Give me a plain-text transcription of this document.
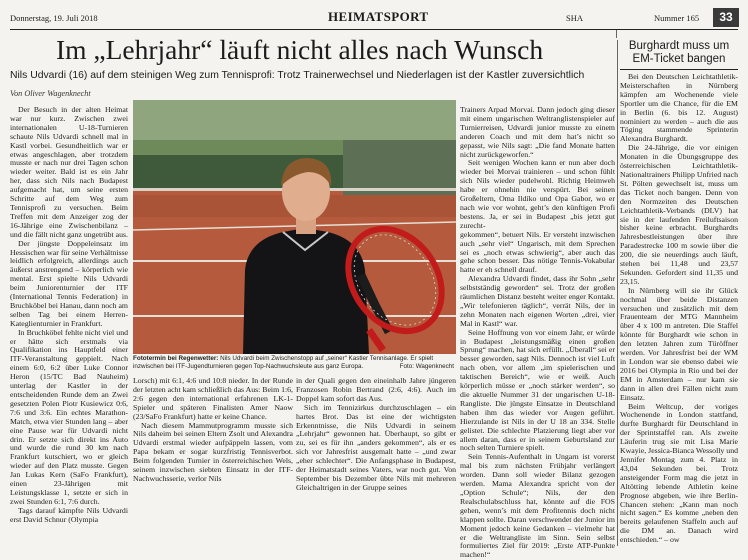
Donnerstag, 19. Juli 2018	HEIMATSPORT	SHA	Nummer 165	33
Im „Lehrjahr“ läuft nicht alles nach Wunsch
Nils Udvardi (16) auf dem steinigen Weg zum Tennisprofi: Trotz Trainerwechsel und Niederlagen ist der Kastler zuversichtlich
Von Oliver Wagenknecht

Der Besuch in der alten Heimat war nur kurz. Zwischen zwei internationalen U-18-Turnieren schaute Nils Udvardi schnell mal in Kastl vorbei. Gesundheitlich war er etwas angeschlagen, aber trotzdem musste er nach nur drei Tagen schon wieder weiter. Bald ist es ein Jahr her, dass sich Nils nach Budapest aufgemacht hat, um seine ersten Schritte auf dem Weg zum Tennisprofi zu versuchen. Beim Treffen mit dem Anzeiger zog der 16-Jährige eine Zwischenbilanz – und die fällt nicht ganz ungetrübt aus.

Der jüngste Doppeleinsatz im Hessischen war für seine Verhältnisse leidlich erfolgreich, allerdings auch äußerst anstrengend – körperlich wie mental. Erst spielte Nils Udvardi beim Juniorenturnier der ITF (International Tennis Federation) in Bruchköbel bei Hanau, dann noch am selben Tag bei einem Herren-Kateglienturnier in Frankfurt.

In Bruchköbel fehlte nicht viel und er hätte sich erstmals via Qualifikation ins Hauptfeld einer ITF-Veranstaltung geppielt. Nach einem 6:0, 6:2 über Luke Connor Heron (15/TC Bad Nauheim) unterlag der Kastler in der entscheidenden Runde dem an Zwei gesetzten Polen Piotr Kusiewicz 0:6, 7:6 und 3:6. Ein echtes Marathon-Match, etwa vier Stunden lang – aber eine Pause war für Udvardi nicht drin. Er setzte sich direkt ins Auto und wurde die rund 30 km nach Frankfurt kutschiert, wo er gleich wieder auf den Platz musste. Gegen Jan Lukas Kern (SaFo Frankfurt), einen 23-Jährigen mit Leistungsklasse 1, setzte er sich in zwei Stunden 6:1, 7:6 durch.

Tags darauf kämpfte Nils Udvardi erst David Schnur (Olympia

Fototermin bei Regenwetter: Nils Udvardi beim Zwischenstopp auf „seiner“ Kastler Tennisanlage. Er spielt inzwischen bei ITF-Jugendturnieren gegen Top-Nachwuchsleute aus ganz Europa.	Foto: Wagenknecht

Lorsch) mit 6:1, 4:6 und 10:8 nieder. In der Runde der letzten acht kam schließlich das Aus: Beim 1:6, 2:6 gegen den international erfahrenen LK-1-Spieler und späteren Finalisten Amer Naow (23/SaFo Frankfurt) hatte er keine Chance.

Nach diesem Mammutprogramm musste sich Nils daheim bei seinen Eltern Zsolt und Alexandra Udvardi erstmal wieder aufpäppeln lassen, vom Papa bekam er sogar kurzfristig Tennisverbot. Beim folgenden Turnier in österreichischen Wels, seinem inzwischen siebten Einsatz in der ITF-Nachwuchsserie, verlor Nils

in der Quali gegen den eineinhalb Jahre jüngeren Franzosen Robin Bertrand (2:6, 4:6). Auch im Doppel kam sofort das Aus.

Sich im Tennizirkus durchzuschlagen – ein hartes Brot. Das ist eine der wichtigsten Erkenntnisse, die Nils Udvardi in seinem „Lehrjahr“ gewonnen hat. Überhaupt, so gibt er zu, sei es für ihn „anders gekommen“, als er es sich vor Jahresfrist ausgemalt hatte – „und zwar „eher schlechter“. Die Anfangsphase in Budapest, der Heimatstadt seines Vaters, war noch gut. Von September bis Dezember übte Nils mit mehreren Gleichaltrigen in der Gruppe seines

Trainers Arpad Morvai. Dann jedoch ging dieser mit einem ungarischen Weltranglistenspieler auf Turnierreisen, Udvardi junior musste zu einem anderen Coach und mit dem hat’s nicht so gepasst, wie Nils sagt: „Die fand Monate hatten nicht zurückgeworfen.“

Seit wenigen Wochen kann er nun aber doch wieder bei Morvai trainieren – und schon fühlt sich Nils wieder pudelwohl. Richtig Heimweh habe er ohnehin nie verspürt. Bei seinen Großeltern, Oma Ildíko und Opa Gabor, wo er nach wie vor wohnt, geht’s den künftigen Profi bestens. Ja, er sei in Budapest „bis jetzt gut zurecht-

gekommen“, betuert Nils. Er versteht inzwischen auch „sehr viel“ Ungarisch, mit dem Sprechen sei es „noch etwas schwierig“, aber auch das gehe schon besser. Das nötige Tennis-Vokabular hatte er eh schnell drauf.

Alexandra Udvardi findet, dass ihr Sohn „sehr selbstständig geworden“ sei. Trotz der großen räumlichen Distanz besteht weiter enger Kontakt. „Wir telefonieren täglich“, verrät Nils, der in zehn Monaten nach eigenen Worten „drei, vier Mal in Kastl“ war.

Seine Hoffnung von vor einem Jahr, er würde in Budapest „leistungsmäßig einen großen Sprung“ machen, hat sich erfüllt. „Überall“ sei er besser geworden, sagt Nils. Dennoch ist viel Luft nach oben, vor allem „im spielerischen und taktischen Bereich“, wie er weiß. Auch körperlich müsse er „noch stärker werden“, so die aktuelle Nummer 31 der ungarischen U-18-Rangliste. Die jüngste Einsatze in Deutschland haben ihm das wieder vor Augen geführt. Hierzulande ist Nils in der U 18 an 334. Stelle gelistet. Die schlechte Platzierung liegt aber vor allem daran, dass er in seinem Geburtsland zur noch selten Turniere spielt.

Sein Tennis-Aufenthalt in Ungarn ist vorerst mal bis zum nächsten Frühjahr verlängert worden. Dann soll wieder Bilanz gezogen werden. Mama Alexandra spricht von der „Option Schule“; Nils, der den Realschulabschluss hat, könnte auf die FOS gehen, wenn’s mit dem Profitennis doch nicht klappen sollte. Daran verschwendet der Junior im Moment jedoch keine Gedanken – vielmehr hat er die Weltrangliste im Sinn. Sein selbst formuliertes Ziel für 2019: „Erste ATP-Punkte machen!“

Burghardt muss um EM-Ticket bangen

Bei den Deutschen Leichtathletik-Meisterschaften in Nürnberg kämpfen am Wochenende viele Sportler um die Chance, für die EM in Berlin (6. bis 12. August) nominiert zu werden – auch die aus Töging stammende Sprinterin Alexandra Burghardt.

Die 24-Jährige, die vor einigen Monaten in die Übungsgruppe des österreichischen Leichtathletik-Nationaltrainers Philipp Unfried nach St. Pölten gewechselt ist, muss um das Ticket noch bangen. Denn von den Normzeiten des Deutschen Leichtathletik-Verbands (DLV) hat sie in der laufenden Freiluftsaison bisher keine erbracht. Burghardts Jahresbestleistungen über ihre Paradestrecke 100 m sowie über die 200, die sie neuerdings auch läuft, stehen bei 11,48 und 23,57 Sekunden. Gefordert sind 11,35 und 23,15.

In Nürnberg will sie ihr Glück nochmal über beide Distanzen versuchen und zusätzlich mit dem Frauenteam der MTG Mannheim über 4 x 100 m antreten. Die Staffel könnte für Burghardt wie schon in den letzten Jahren zum Türöffner werden. Vor Jahresfrist bei der WM in London war sie ebenso dabei wie 2016 bei Olympia in Rio und bei der EM in Amsterdam – nur kam sie dann in allen drei Fällen nicht zum Einsatz.

Beim Weltcup, der voriges Wochenende in London stattfand, durfte Burghardt für Deutschland in der Sprintstaffel ran. Als zweite Läuferin trug sie mit Lisa Marie Kwayie, Jessica-Bianca Wessolly und Jennifer Montag zum 4. Platz in 43,04 Sekunden bei. Trotz ansteigender Form mag die jetzt in Altötting lebende Athletin keine Prognose abgeben, wie ihre Berlin-Chancen stehen: „Kann man noch nicht sagen.“ Es komme „neben den bereits gelaufenen Staffeln auch auf die DM an. Danach wird entschieden.“ – ow
